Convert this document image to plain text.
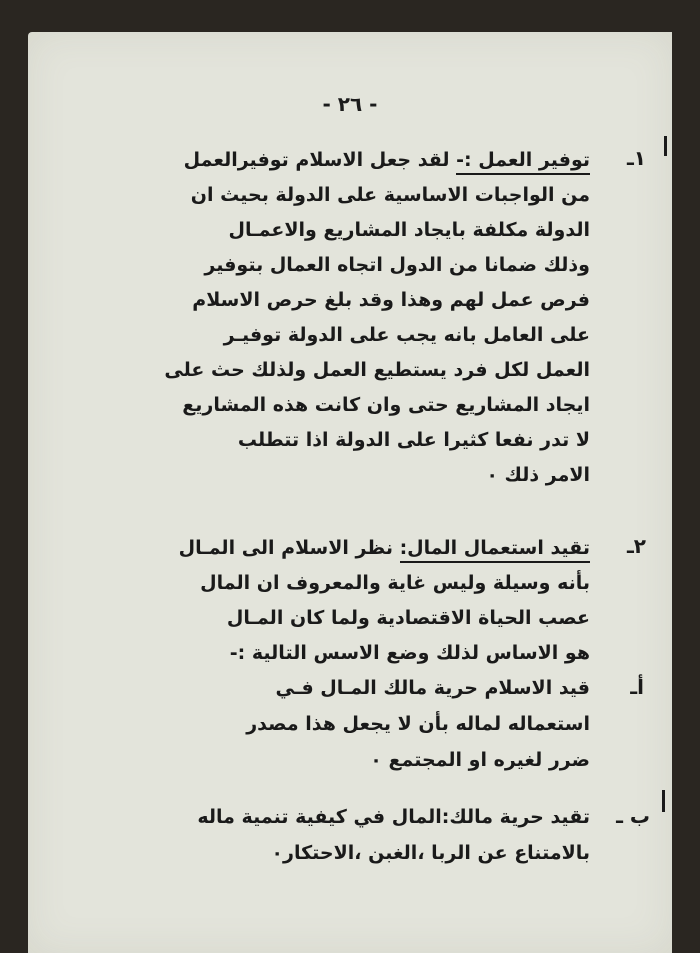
- ٢٦ -
١ـ
توفير العمل :- لقد جعل الاسلام توفيرالعمل
من الواجبات الاساسية على الدولة بحيث ان
الدولة مكلفة بايجاد المشاريع والاعمـال
وذلك ضمانا من الدول اتجاه العمال بتوفير
فرص عمل لهم وهذا وقد بلغ حرص الاسلام
على العامل بانه يجب على الدولة توفيـر
العمل لكل فرد يستطيع العمل ولذلك حث على
ايجاد المشاريع حتى وان كانت هذه المشاريع
لا تدر نفعا كثيرا على الدولة اذا تتطلب
الامر ذلك ٠
٢ـ
تقيد استعمال المال: نظر الاسلام الى المـال
بأنه وسيلة وليس غاية والمعروف ان المال
عصب الحياة الاقتصادية ولما كان المـال
هو الاساس لذلك وضع الاسس التالية :-
أـ
قيد الاسلام حرية مالك المـال فـي
استعماله لماله بأن لا يجعل هذا مصدر
ضرر لغيره او المجتمع ٠
ب ـ
تقيد حرية مالك:المال في كيفية تنمية ماله
بالامتناع عن الربا ،الغبن ،الاحتكار٠
